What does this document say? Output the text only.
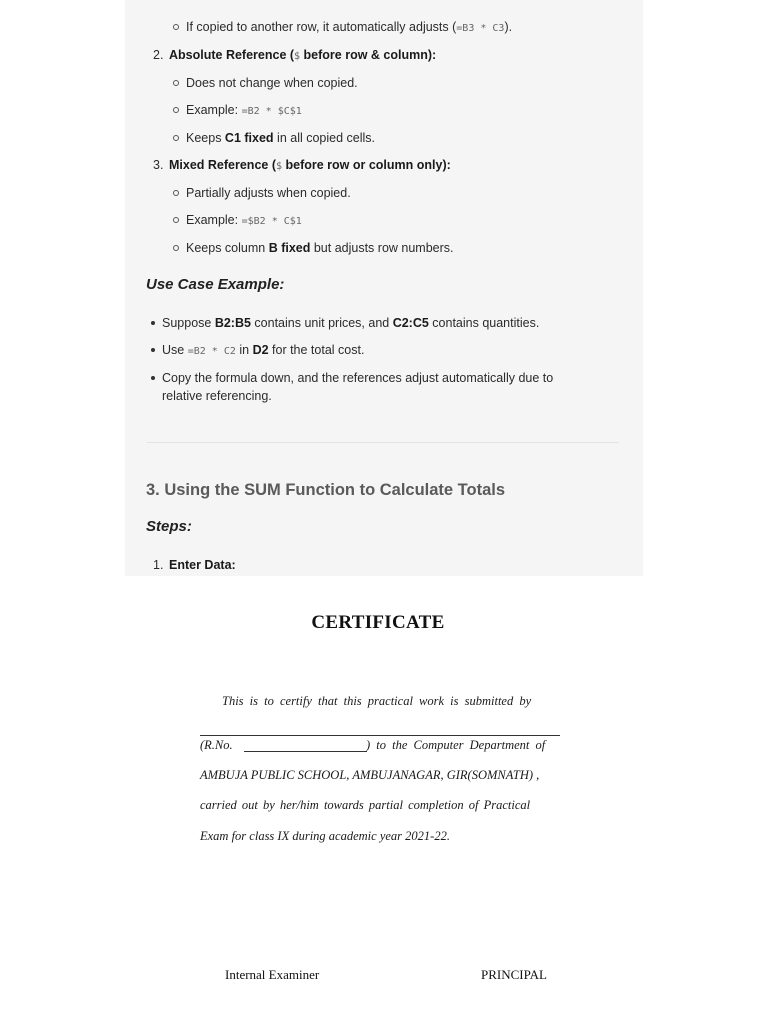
If copied to another row, it automatically adjusts (=B3 * C3).
2. Absolute Reference ($ before row & column):
Does not change when copied.
Example: =B2 * $C$1
Keeps C1 fixed in all copied cells.
3. Mixed Reference ($ before row or column only):
Partially adjusts when copied.
Example: =$B2 * C$1
Keeps column B fixed but adjusts row numbers.
Use Case Example:
Suppose B2:B5 contains unit prices, and C2:C5 contains quantities.
Use =B2 * C2 in D2 for the total cost.
Copy the formula down, and the references adjust automatically due to
relative referencing.
3. Using the SUM Function to Calculate Totals
Steps:
1. Enter Data:
CERTIFICATE
This is to certify that this practical work is submitted by
(R.No.	) to the Computer Department of
AMBUJA PUBLIC SCHOOL, AMBUJANAGAR, GIR(SOMNATH) ,
carried out by her/him towards partial completion of Practical
Exam for class IX during academic year 2021-22.
Internal Examiner	PRINCIPAL
